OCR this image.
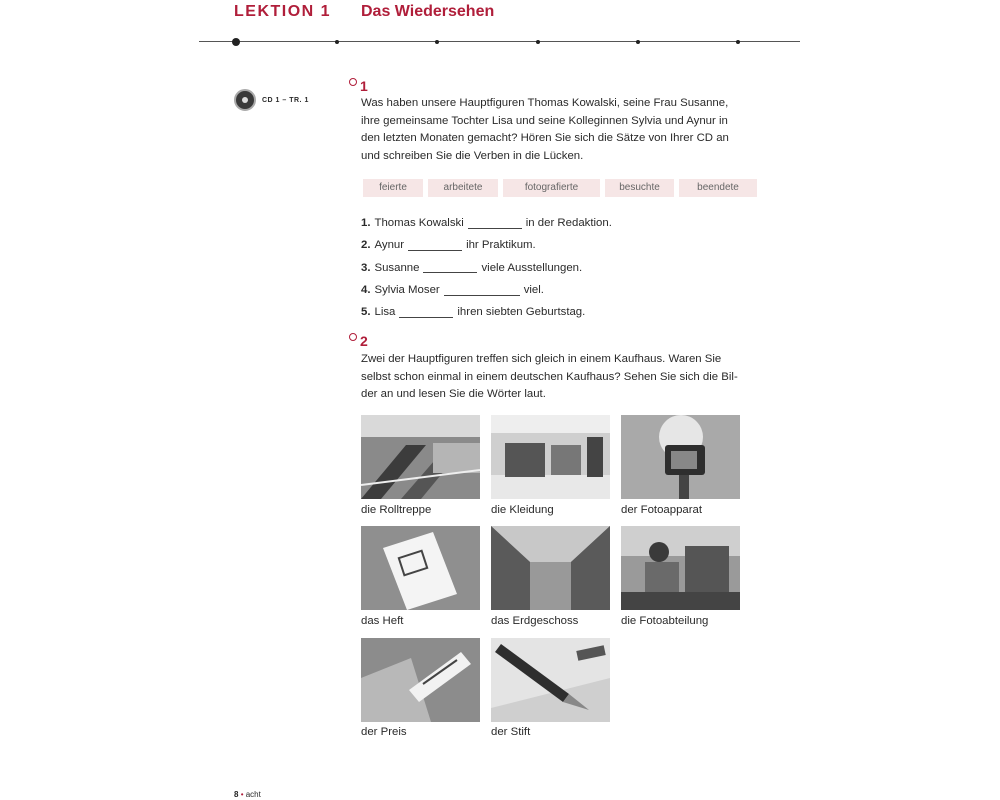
LEKTION 1	Das Wiedersehen
CD 1 – TR. 1
1
Was haben unsere Hauptfiguren Thomas Kowalski, seine Frau Susanne, ihre gemeinsame Tochter Lisa und seine Kolleginnen Sylvia und Aynur in den letzten Monaten gemacht? Hören Sie sich die Sätze von Ihrer CD an und schreiben Sie die Verben in die Lücken.
feierte	arbeitete	fotografierte	besuchte	beendete
1. Thomas Kowalski	in der Redaktion.
2. Aynur	ihr Praktikum.
3. Susanne	viele Ausstellungen.
4. Sylvia Moser	viel.
5. Lisa	ihren siebten Geburtstag.
2
Zwei der Hauptfiguren treffen sich gleich in einem Kaufhaus. Waren Sie selbst schon einmal in einem deutschen Kaufhaus? Sehen Sie sich die Bil-der an und lesen Sie die Wörter laut.
die Rolltreppe	die Kleidung	der Fotoapparat
das Heft	das Erdgeschoss	die Fotoabteilung
der Preis	der Stift
8 • acht
